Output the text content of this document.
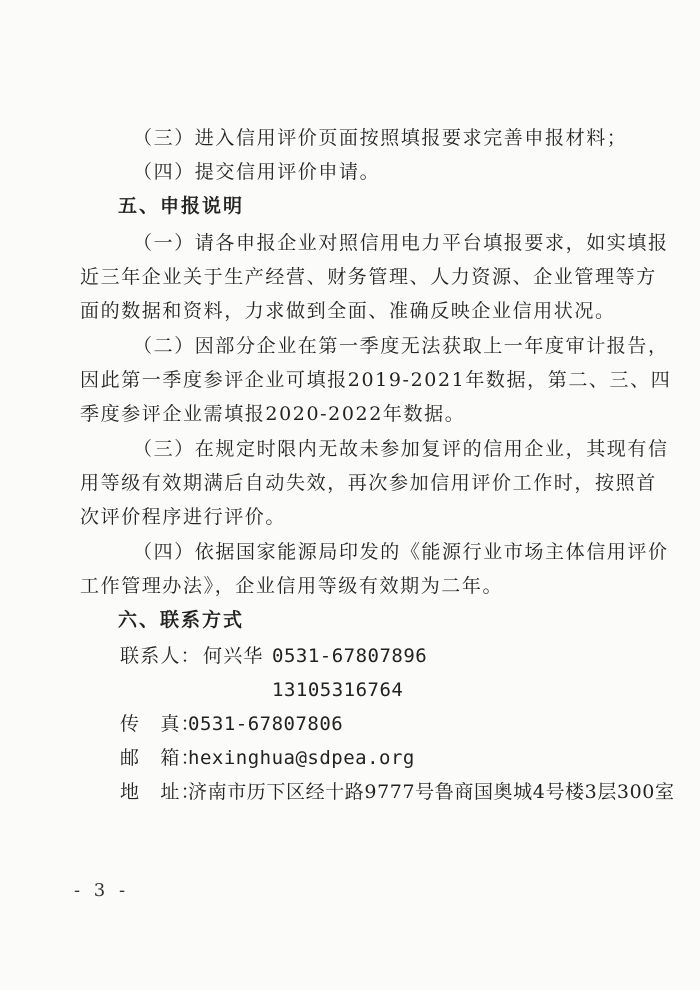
（三）进入信用评价页面按照填报要求完善申报材料；
（四）提交信用评价申请。
五、申报说明
（一）请各申报企业对照信用电力平台填报要求，如实填报
近三年企业关于生产经营、财务管理、人力资源、企业管理等方
面的数据和资料，力求做到全面、准确反映企业信用状况。
（二）因部分企业在第一季度无法获取上一年度审计报告，
因此第一季度参评企业可填报2019-2021年数据，第二、三、四
季度参评企业需填报2020-2022年数据。
（三）在规定时限内无故未参加复评的信用企业，其现有信
用等级有效期满后自动失效，再次参加信用评价工作时，按照首
次评价程序进行评价。
（四）依据国家能源局印发的《能源行业市场主体信用评价
工作管理办法》，企业信用等级有效期为二年。
六、联系方式
联系人： 何兴华 0531-67807896
13105316764
传　真：
0531-67807806
邮　箱：
hexinghua@sdpea.org
地　址：
济南市历下区经十路9777号鲁商国奥城4号楼3层300室
- 3 -
